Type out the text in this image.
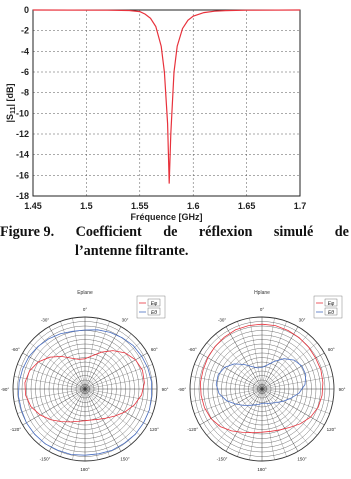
1.45	1.5	1.55	1.6	1.65	1.7
0
-2
-4
-6
-8
-10
-12
-14
-16
-18
Fréquence [GHz]
$|S_{11}|$ [dB]
Figure 9. Coefficient de réflexion simulé de
l’antenne filtrante.
Eplane
0°
30°
60°
90°
120°
150°
180°
-150°
-120°
-90°
-60°
-30°
Eφ
Eθ
Hplane
0°
30°
60°
90°
120°
150°
180°
-150°
-120°
-90°
-60°
-30°
Eφ
Eθ
